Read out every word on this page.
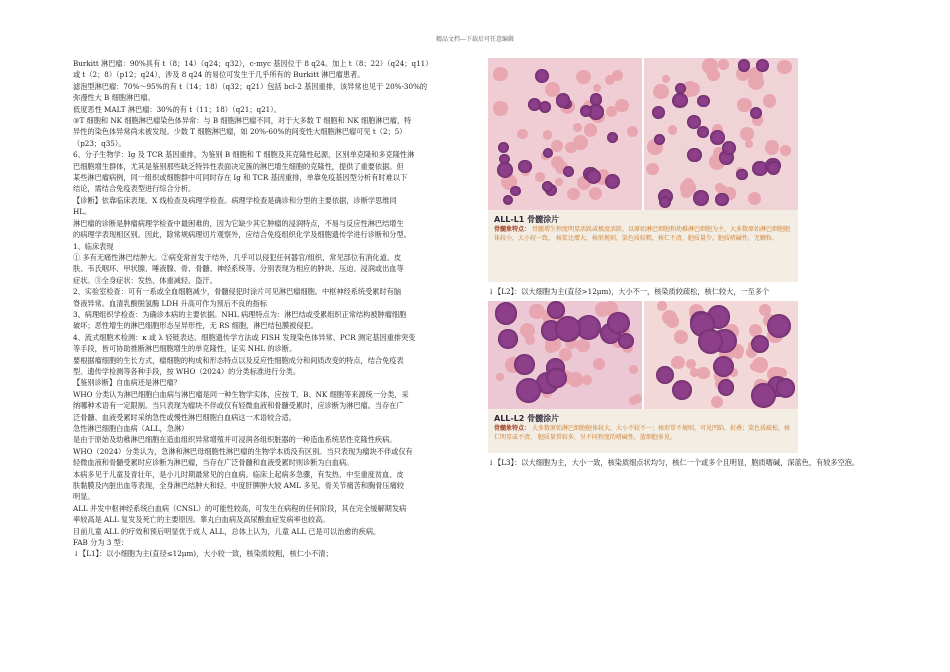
精品文档---下载后可任意编辑

Burkitt 淋巴瘤：90%具有 t（8；14）（q24；q32），c-myc 基因位于 8 q24。加上 t（8；22）（q24；q11）

或 t（2；8）（p12；q24），涉及 8 q24 的易位可发生于几乎所有的 Burkitt 淋巴瘤患者。

滤泡型淋巴瘤：70%～95%的有 t（14；18）（q32；q21）包括 bcl-2 基因重排，该异常也见于 20%-30%的

弥漫性大 B 细胞淋巴瘤。

低度恶性 MALT 淋巴瘤：30%的有 t（11；18）（q21；q21）。

③T 细胞和 NK 细胞淋巴瘤染色体异常：与 B 细胞淋巴瘤不同，对于大多数 T 细胞和 NK 细胞淋巴瘤，特

异性的染色体异常尚未被发现。少数 T 细胞淋巴瘤，如 20%-60%的间变性大细胞淋巴瘤可见 t（2；5）

（p23；q35）。

6、分子生物学：Ig 及 TCR 基因重排，为鉴别 B 细胞和 T 细胞及其克隆性起源，区别单克隆和多克隆性淋

巴细胞增生群体，尤其是鉴别那些缺乏特异性表面决定簇的淋巴增生细胞的克隆性，提供了重要依据。但

某些淋巴瘤病例，同一组织或细胞群中可同时存在 Ig 和 TCR 基因重排，单靠免疫基因型分析有时难以下

结论，需结合免疫表型进行综合分析。

【诊断】依靠临床表现、X 线检查及病理学检查。病理学检查是确诊和分型的主要依据，诊断学思维同

HL。

淋巴瘤的诊断是肿瘤病理学检查中最困难的，因为它缺少其它肿瘤的浸润特点，不易与反应性淋巴结增生

的病理学表现相区别。因此，除常规病理切片观察外，应结合免疫组织化学及细胞遗传学进行诊断和分型。

1、临床表现

① 多有无痛性淋巴结肿大。②病变常首发于结外，几乎可以侵犯任何器官/组织，常见部位有消化道、皮

肤、韦氏咽环、甲状腺、唾液腺、骨、骨髓、神经系统等。分别表现为相应的肿块、压迫、浸润或出血等

症状。③全身症状：发热、体重减轻、盗汗。

2、实验室检查：可有一系或全血细胞减少，骨髓侵犯时涂片可见淋巴瘤细胞。中枢神经系统受累时有脑

脊液异常。血清乳酸脱氢酶 LDH 升高可作为预后不良的指标

3、病理组织学检查：为确诊本病的主要依据。NHL 病理特点为：淋巴结或受累组织正常结构被肿瘤细胞

破坏；恶性增生的淋巴细胞形态呈异形性，无 RS 细胞，淋巴结包膜被侵犯。

4、流式细胞术检测：κ 或 λ 轻链表达、细胞遗传学方法或 FISH 发现染色体异常、PCR 测定基因重排突变

等手段，皆可协助推断淋巴细胞增生的单克隆性，证实 NHL 的诊断。

要根据瘤细胞的生长方式，瘤细胞的构成和形态特点以及反应性细胞成分和间质改变的特点，结合免疫表

型、遗传学检测等各种手段，按 WHO（2024）的分类标准进行分类。

【鉴别诊断】自血病还是淋巴瘤？

WHO 分类认为淋巴细胞白血病与淋巴瘤是同一种生物学实体，应按 T、B、NK 细胞等来源统一分类，采

纳哪种术语有一定限制。当只表现为瘤块不伴或仅有轻微血液和骨髓受累时，应诊断为淋巴瘤。当存在广

泛骨髓、血液受累时采纳急性或慢性淋巴细胞白血病这一术语较合适。

急性淋巴细胞白血病（ALL，急淋）

是由于原始及幼稚淋巴细胞在造血组织异常增殖并可浸润各组织脏器的一种造血系统恶性克隆性疾病。

WHO（2024）分类认为，急淋和淋巴母细胞性淋巴瘤的生物学本质没有区别。当只表现为瘤块不伴或仅有

轻微血液和骨髓受累时应诊断为淋巴瘤，当存在广泛骨髓和血液受累时则诊断为白血病。

本病多见于儿童及青壮年，是小儿时期最常见的白血病。临床上起病多急骤，有发热、中至重度贫血、皮

肤黏膜及内脏出血等表现，全身淋巴结肿大和轻、中度肝脾肿大较 AML 多见。骨关节痛苦和胸骨压痛较

明显。

ALL 并发中枢神经系统白血病（CNSL）的可能性较高，可发生在病程的任何阶段，其在完全缓解期发病

率较高是 ALL 复发及死亡的主要原因。睾丸白血病及高尿酸血症发病率也较高。

目前儿童 ALL 的疗效和预后明显优于成人 ALL，总体上认为，儿童 ALL 已是可以治愈的疾病。

FAB 分为 3 型：

↓【L1】：以小细胞为主(直径≤12μm)，大小较一致，核染质较粗，核仁小不清；

ALL-L1 骨髓涂片
骨髓象特点： 骨髓增生程度明显活跃或极度活跃，以原始淋巴细胞和幼稚淋巴细胞为主，大多数原始淋巴细胞胞体较小，大小较一致。 核浆比增大，核形规则，染色质较粗，核仁不清，胞质量少，胞质嗜碱性，无颗粒。
↓【L2】：以大细胞为主(直径>12μm)，大小不一，核染质较疏松，核仁较大，一至多个
ALL-L2 骨髓涂片
骨髓象特点： 大多数原始淋巴细胞胞体较大，大小不较不一；核形常不规则，可见凹陷、折叠；染色质疏松，核仁明显或不清， 胞质量常较多，呈不同程度的嗜碱性，蓝细胞多见。
↓【L3】：以大细胞为主，大小一致，核染质细点状均匀，核仁一个或多个且明显，胞质嗜碱，深蓝色，有较多空泡。
